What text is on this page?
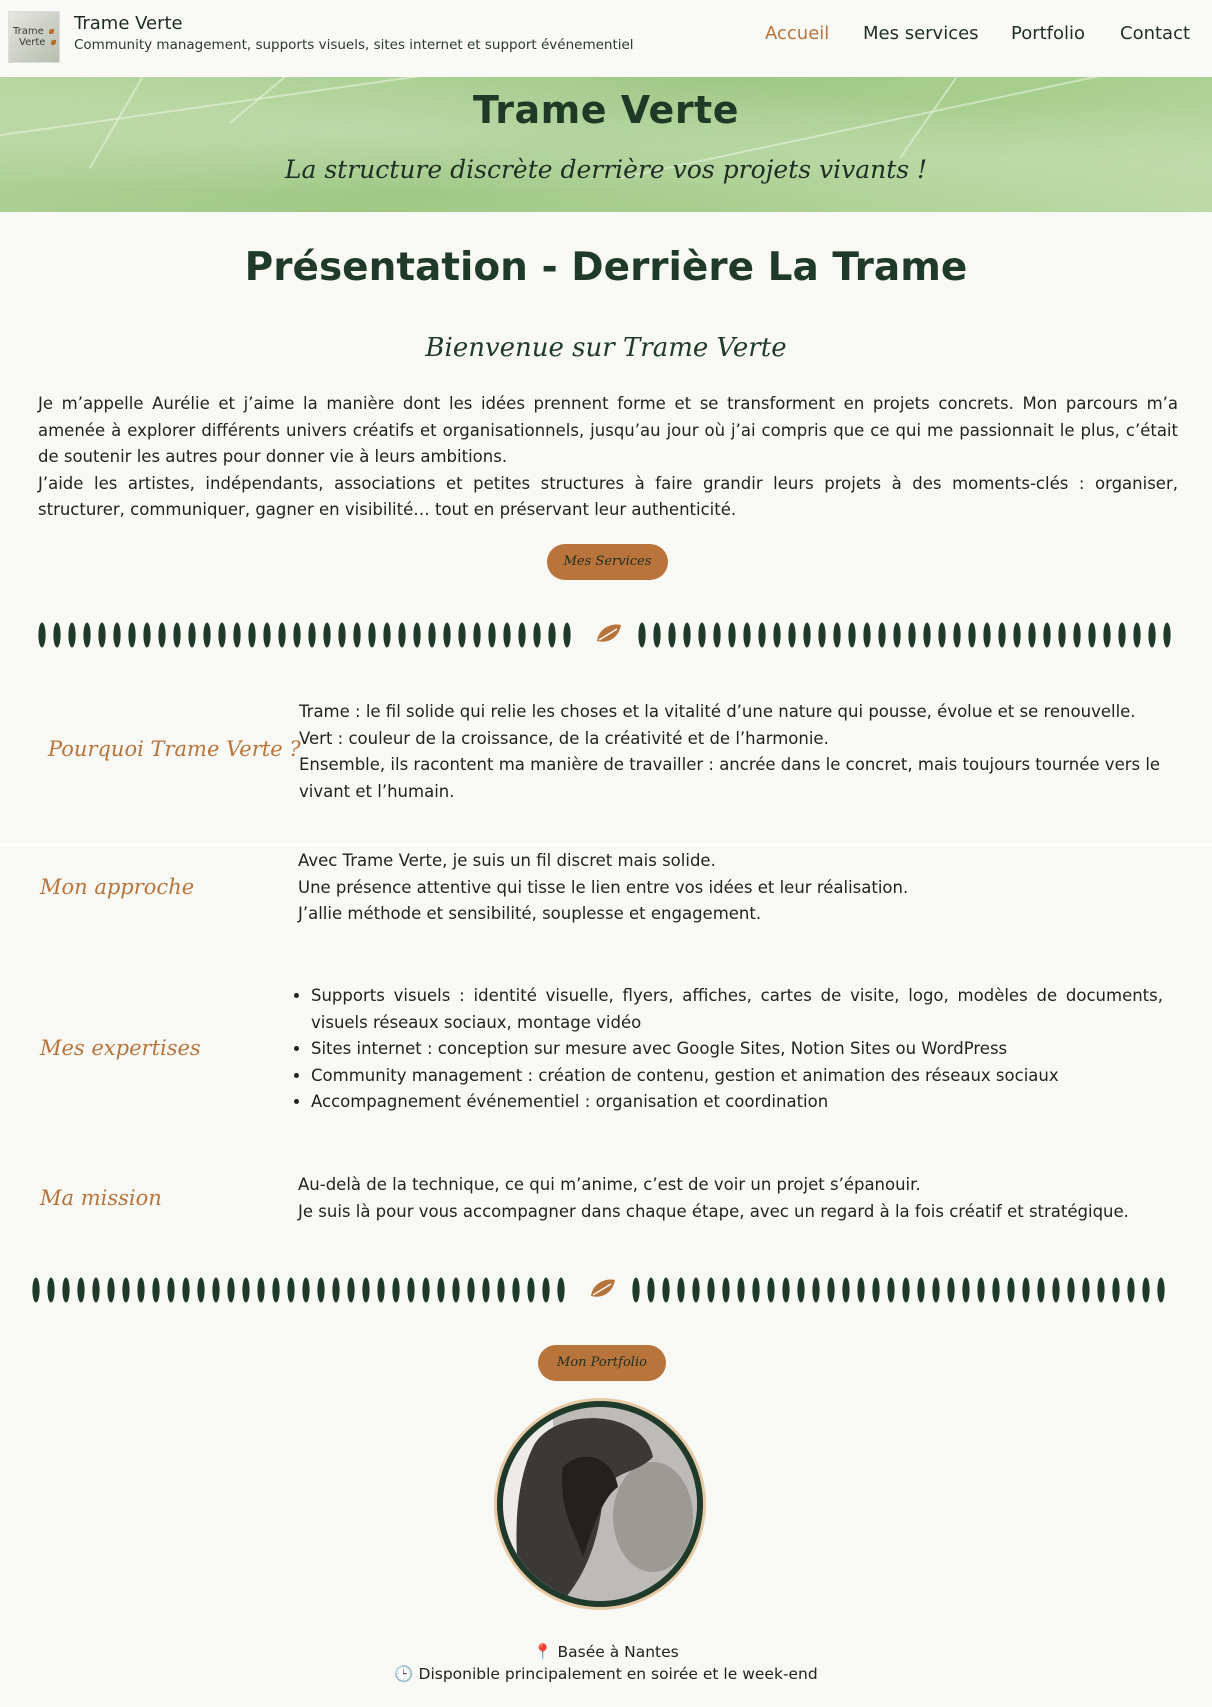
Trame
Verte
Trame Verte
Community management, supports visuels, sites internet et support événementiel
Accueil Mes services Portfolio Contact
Trame Verte
La structure discrète derrière vos projets vivants !
Présentation - Derrière La Trame
Bienvenue sur Trame Verte

Je m’appelle Aurélie et j’aime la manière dont les idées prennent forme et se transforment en projets concrets. Mon parcours m’a amenée à explorer différents univers créatifs et organisationnels, jusqu’au jour où j’ai compris que ce qui me passionnait le plus, c’était de soutenir les autres pour donner vie à leurs ambitions.

J’aide les artistes, indépendants, associations et petites structures à faire grandir leurs projets à des moments-clés : organiser, structurer, communiquer, gagner en visibilité… tout en préservant leur authenticité.

Mes Services
Pourquoi Trame Verte ?

Trame : le fil solide qui relie les choses et la vitalité d’une nature qui pousse, évolue et se renouvelle.

Vert : couleur de la croissance, de la créativité et de l’harmonie.

Ensemble, ils racontent ma manière de travailler : ancrée dans le concret, mais toujours tournée vers le vivant et l’humain.

Mon approche

Avec Trame Verte, je suis un fil discret mais solide.

Une présence attentive qui tisse le lien entre vos idées et leur réalisation.

J’allie méthode et sensibilité, souplesse et engagement.

Mes expertises
• Supports visuels : identité visuelle, flyers, affiches, cartes de visite, logo, modèles de documents, visuels réseaux sociaux, montage vidéo
• Sites internet : conception sur mesure avec Google Sites, Notion Sites ou WordPress
• Community management : création de contenu, gestion et animation des réseaux sociaux
• Accompagnement événementiel : organisation et coordination
Ma mission

Au-delà de la technique, ce qui m’anime, c’est de voir un projet s’épanouir.

Je suis là pour vous accompagner dans chaque étape, avec un regard à la fois créatif et stratégique.

Mon Portfolio
📍 Basée à Nantes
🕒 Disponible principalement en soirée et le week-end
